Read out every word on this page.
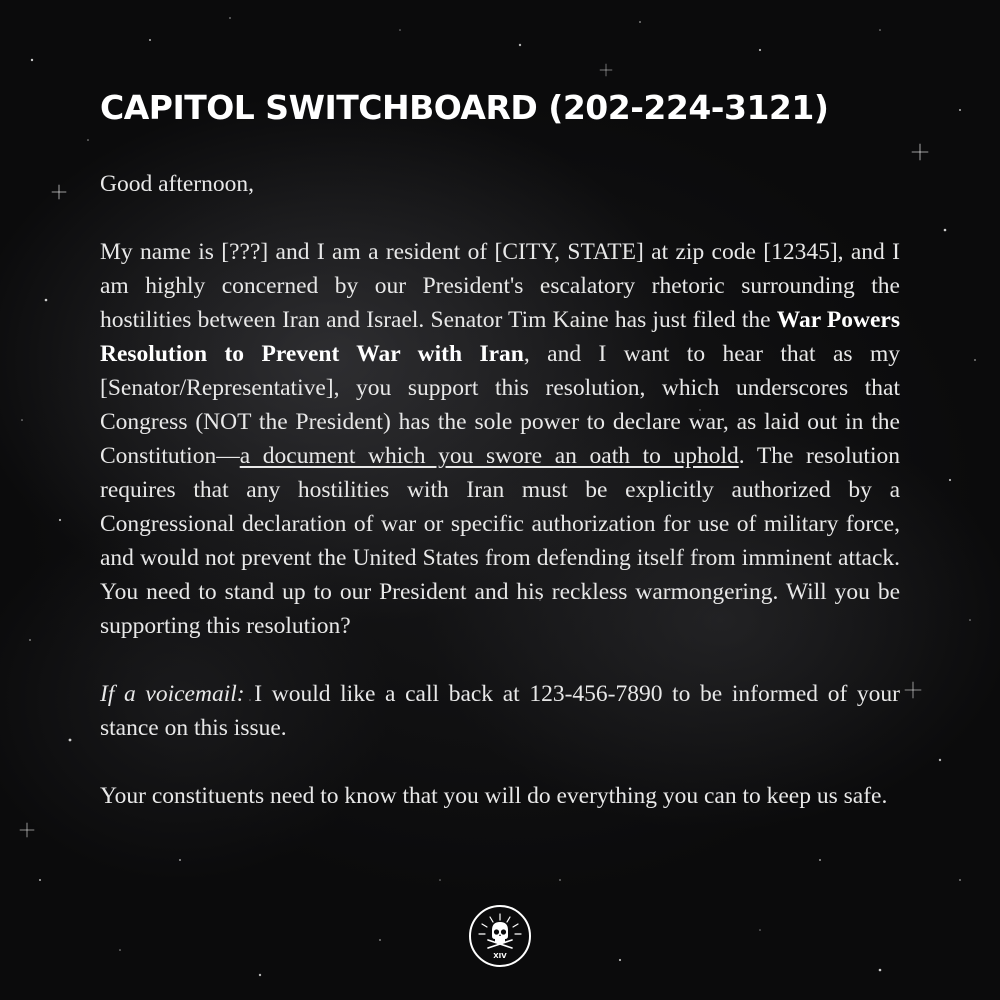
CAPITOL SWITCHBOARD (202-224-3121)

Good afternoon,

My name is [???] and I am a resident of [CITY, STATE] at zip code [12345], and I am highly concerned by our President's escalatory rhetoric surrounding the hostilities between Iran and Israel. Senator Tim Kaine has just filed the War Powers Resolution to Prevent War with Iran, and I want to hear that as my [Senator/Representative], you support this resolution, which underscores that Congress (NOT the President) has the sole power to declare war, as laid out in the Constitution—a document which you swore an oath to uphold. The resolution requires that any hostilities with Iran must be explicitly authorized by a Congressional declaration of war or specific authorization for use of military force, and would not prevent the United States from defending itself from imminent attack. You need to stand up to our President and his reckless warmongering. Will you be supporting this resolution?

If a voicemail: I would like a call back at 123-456-7890 to be informed of your stance on this issue.

Your constituents need to know that you will do everything you can to keep us safe.

XIV
